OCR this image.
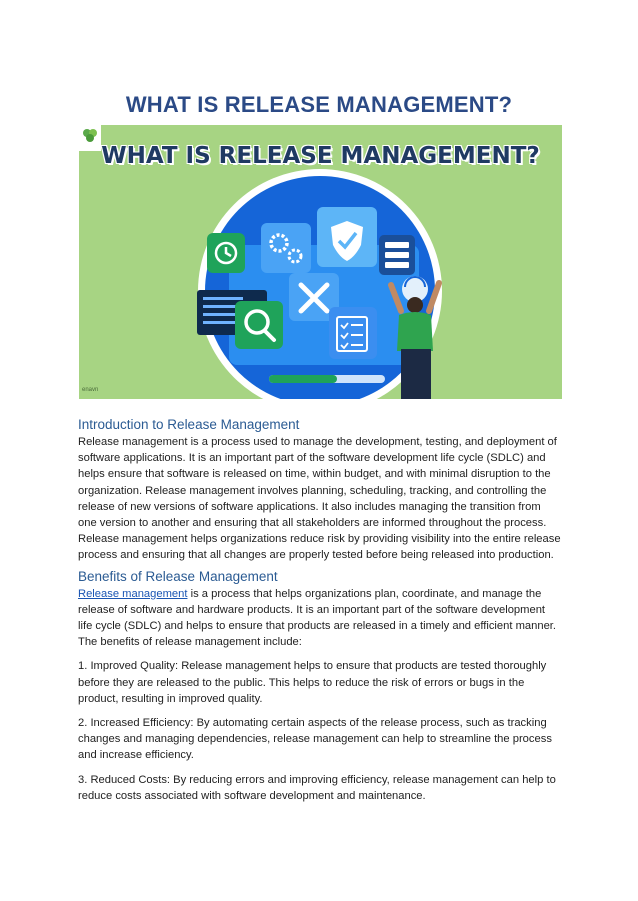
WHAT IS RELEASE MANAGEMENT?
WHAT IS RELEASE MANAGEMENT?
enavn
Introduction to Release Management

Release management is a process used to manage the development, testing, and deployment of software applications. It is an important part of the software development life cycle (SDLC) and helps ensure that software is released on time, within budget, and with minimal disruption to the organization. Release management involves planning, scheduling, tracking, and controlling the release of new versions of software applications. It also includes managing the transition from one version to another and ensuring that all stakeholders are informed throughout the process. Release management helps organizations reduce risk by providing visibility into the entire release process and ensuring that all changes are properly tested before being released into production.

Benefits of Release Management

Release management is a process that helps organizations plan, coordinate, and manage the release of software and hardware products. It is an important part of the software development life cycle (SDLC) and helps to ensure that products are released in a timely and efficient manner. The benefits of release management include:

1. Improved Quality: Release management helps to ensure that products are tested thoroughly before they are released to the public. This helps to reduce the risk of errors or bugs in the product, resulting in improved quality.

2. Increased Efficiency: By automating certain aspects of the release process, such as tracking changes and managing dependencies, release management can help to streamline the process and increase efficiency.

3. Reduced Costs: By reducing errors and improving efficiency, release management can help to reduce costs associated with software development and maintenance.
